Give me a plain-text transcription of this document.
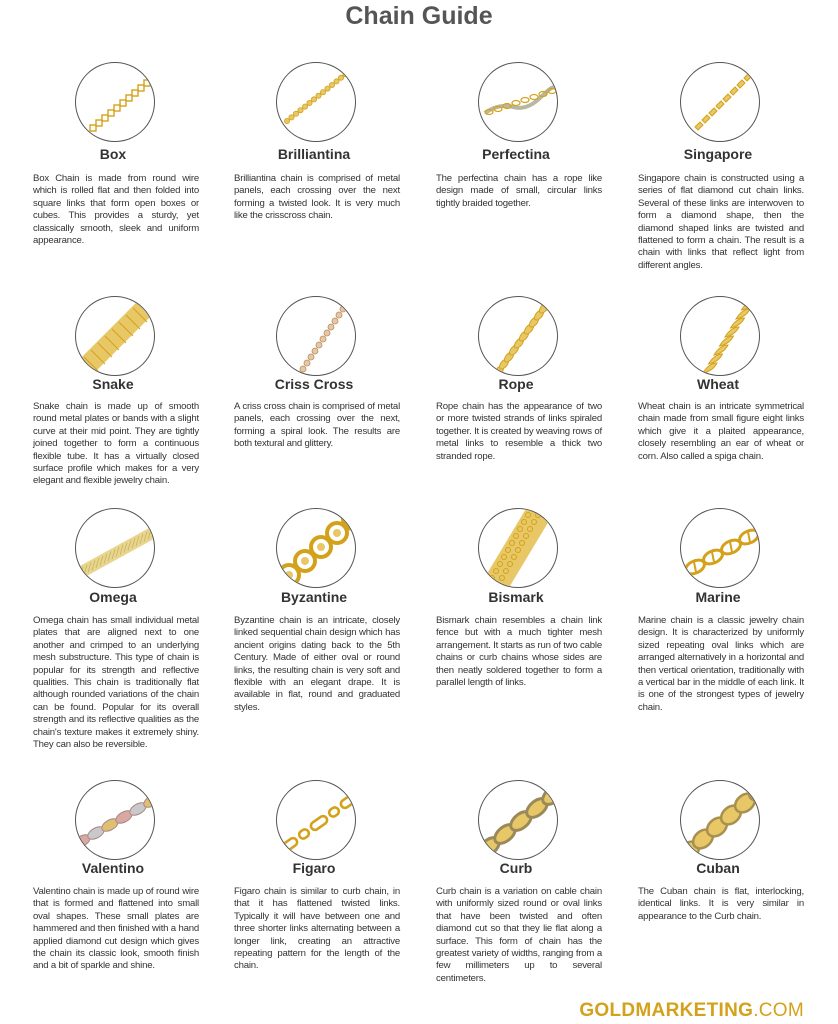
Chain Guide
Box
Box Chain is made from round wire which is rolled flat and then folded into square links that form open boxes or cubes. This provides a sturdy, yet classically smooth, sleek and uniform appearance.
Brilliantina
Brilliantina chain is comprised of metal panels, each crossing over the next forming a twisted look. It is very much like the crisscross chain.
Perfectina
The perfectina chain has a rope like design made of small, circular links tightly braided together.
Singapore
Singapore chain is constructed using a series of flat diamond cut chain links. Several of these links are interwoven to form a diamond shape, then the diamond shaped links are twisted and flattened to form a chain. The result is a chain with links that reflect light from different angles.
Snake
Snake chain is made up of smooth round metal plates or bands with a slight curve at their mid point. They are tightly joined together to form a continuous flexible tube. It has a virtually closed surface profile which makes for a very elegant and flexible jewelry chain.
Criss Cross
A criss cross chain is comprised of metal panels, each crossing over the next, forming a spiral look. The results are both textural and glittery.
Rope
Rope chain has the appearance of two or more twisted strands of links spiraled together. It is created by weaving rows of metal links to resemble a thick two stranded rope.
Wheat
Wheat chain is an intricate symmetrical chain made from small figure eight links which give it a plaited appearance, closely resembling an ear of wheat or corn. Also called a spiga chain.
Omega
Omega chain has small individual metal plates that are aligned next to one another and crimped to an underlying mesh substructure. This type of chain is popular for its strength and reflective qualities. This chain is traditionally flat although rounded variations of the chain can be found. Popular for its overall strength and its reflective qualities as the chain's texture makes it extremely shiny. They can also be reversible.
Byzantine
Byzantine chain is an intricate, closely linked sequential chain design which has ancient origins dating back to the 5th Century. Made of either oval or round links, the resulting chain is very soft and flexible with an elegant drape. It is available in flat, round and graduated styles.
Bismark
Bismark chain resembles a chain link fence but with a much tighter mesh arrangement. It starts as run of two cable chains or curb chains whose sides are then neatly soldered together to form a parallel length of links.
Marine
Marine chain is a classic jewelry chain design. It is characterized by uniformly sized repeating oval links which are arranged alternatively in a horizontal and then vertical orientation, traditionally with a vertical bar in the middle of each link. It is one of the strongest types of jewelry chain.
Valentino
Valentino chain is made up of round wire that is formed and flattened into small oval shapes. These small plates are hammered and then finished with a hand applied diamond cut design which gives the chain its classic look, smooth finish and a bit of sparkle and shine.
Figaro
Figaro chain is similar to curb chain, in that it has flattened twisted links. Typically it will have between one and three shorter links alternating between a longer link, creating an attractive repeating pattern for the length of the chain.
Curb
Curb chain is a variation on cable chain with uniformly sized round or oval links that have been twisted and often diamond cut so that they lie flat along a surface. This form of chain has the greatest variety of widths, ranging from a few millimeters up to several centimeters.
Cuban
The Cuban chain is flat, interlocking, identical links. It is very similar in appearance to the Curb chain.
GOLDMARKETING.COM
